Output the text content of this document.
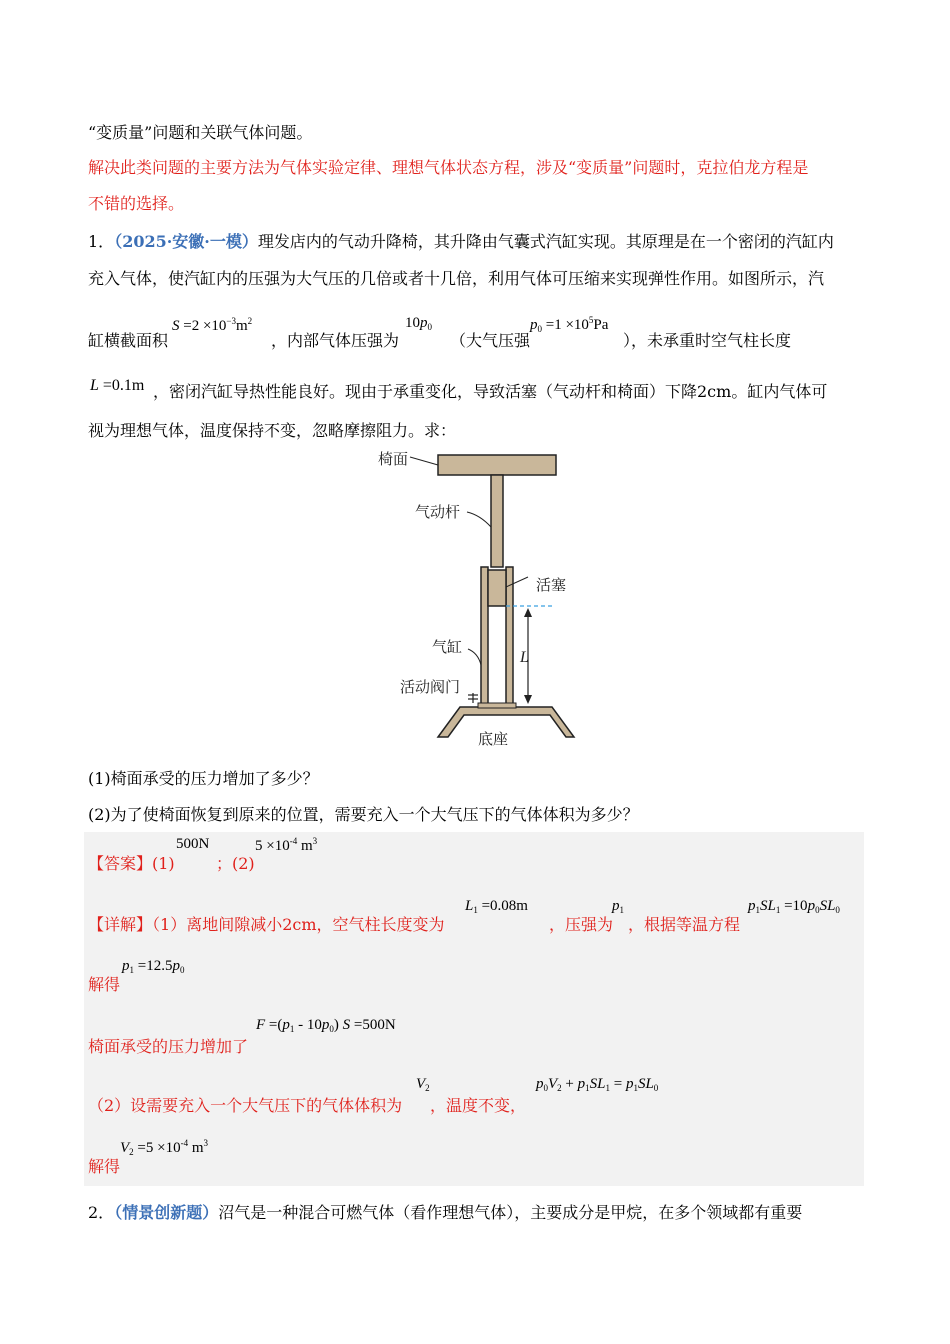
“变质量”问题和关联气体问题。
解决此类问题的主要方法为气体实验定律、理想气体状态方程，涉及“变质量”问题时，克拉伯龙方程是
不错的选择。
1．（2025·安徽·一模）理发店内的气动升降椅，其升降由气囊式汽缸实现。其原理是在一个密闭的汽缸内
充入气体，使汽缸内的压强为大气压的几倍或者十几倍，利用气体可压缩来实现弹性作用。如图所示，汽
缸横截面积
$S =2 \times 10^{-3}m^2$
，内部气体压强为
$10p_0$
（大气压强
$p_0 =1 \times 10^5Pa$
），未承重时空气柱长度
L =0.1m ，密闭汽缸导热性能良好。现由于承重变化，导致活塞（气动杆和椅面）下降2cm。缸内气体可
视为理想气体，温度保持不变，忽略摩擦阻力。求：
椅面
气动杆
活塞
气缸
L
活动阀门
底座
(1)椅面承受的压力增加了多少？
(2)为了使椅面恢复到原来的位置，需要充入一个大气压下的气体体积为多少？
【答案】(1)
500N
；(2)
$5 \times 10^{-4}$ $m^3$
【详解】（1）离地间隙减小2cm，空气柱长度变为
$L_1 =0.08m$
，压强为
$p_1$
，根据等温方程
$p_1SL_1 =10p_0SL_0$
解得
$p_1 =12.5p_0$
椅面承受的压力增加了
$F =(p_1 - 10p_0)$ S =500N
（2）设需要充入一个大气压下的气体体积为
$V_2$
，温度不变，
$p_0V_2 + p_1SL_1 = p_1SL_0$
解得
$V_2 =5 \times 10^{-4}$ $m^3$
2．（情景创新题）沼气是一种混合可燃气体（看作理想气体），主要成分是甲烷，在多个领域都有重要
